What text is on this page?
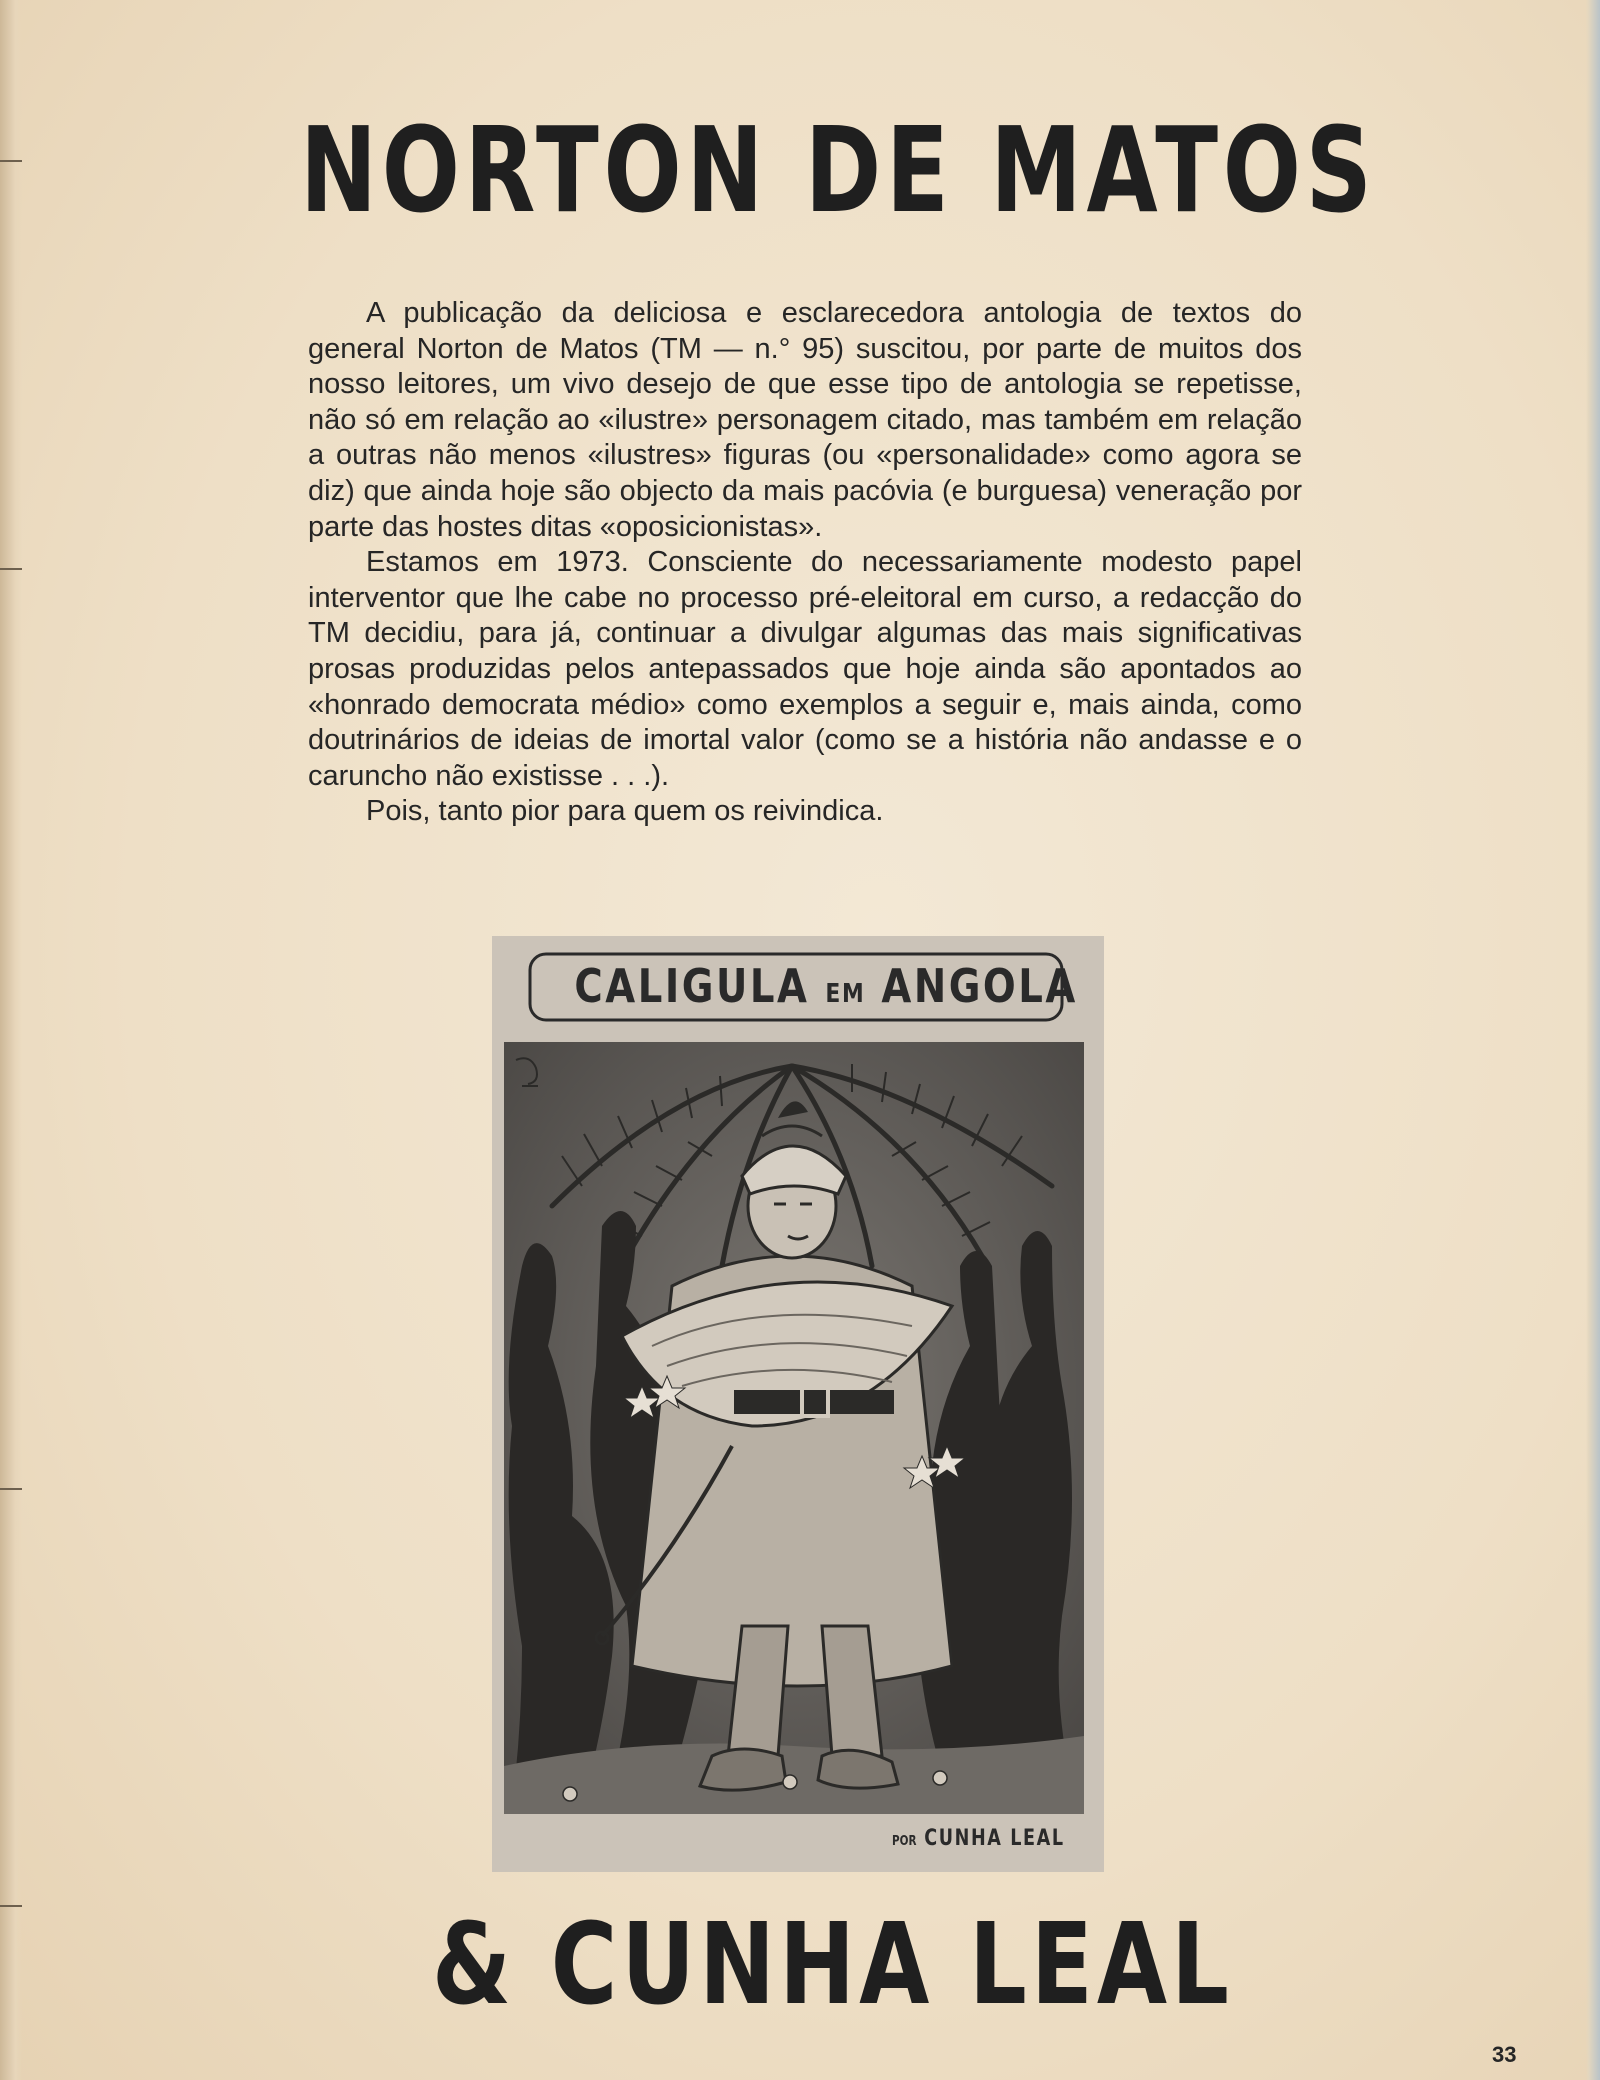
NORTON DE MATOS

A publicação da deliciosa e esclarecedora antologia de textos do general Norton de Matos (TM — n.° 95) suscitou, por parte de muitos dos nosso leitores, um vivo desejo de que esse tipo de antologia se repetisse, não só em relação ao «ilustre» personagem citado, mas também em relação a outras não menos «ilustres» figuras (ou «personalidade» como agora se diz) que ainda hoje são objecto da mais pacóvia (e burguesa) veneração por parte das hostes ditas «oposicionistas».

Estamos em 1973. Consciente do necessariamente modesto papel interventor que lhe cabe no processo pré-eleitoral em curso, a redacção do TM decidiu, para já, continuar a divulgar algumas das mais significativas prosas produzidas pelos antepassados que hoje ainda são apontados ao «honrado democrata médio» como exemplos a seguir e, mais ainda, como doutrinários de ideias de imortal valor (como se a história não andasse e o caruncho não existisse . . .).

Pois, tanto pior para quem os reivindica.

CALIGULA EM ANGOLA
POR CUNHA LEAL
& CUNHA LEAL
33
